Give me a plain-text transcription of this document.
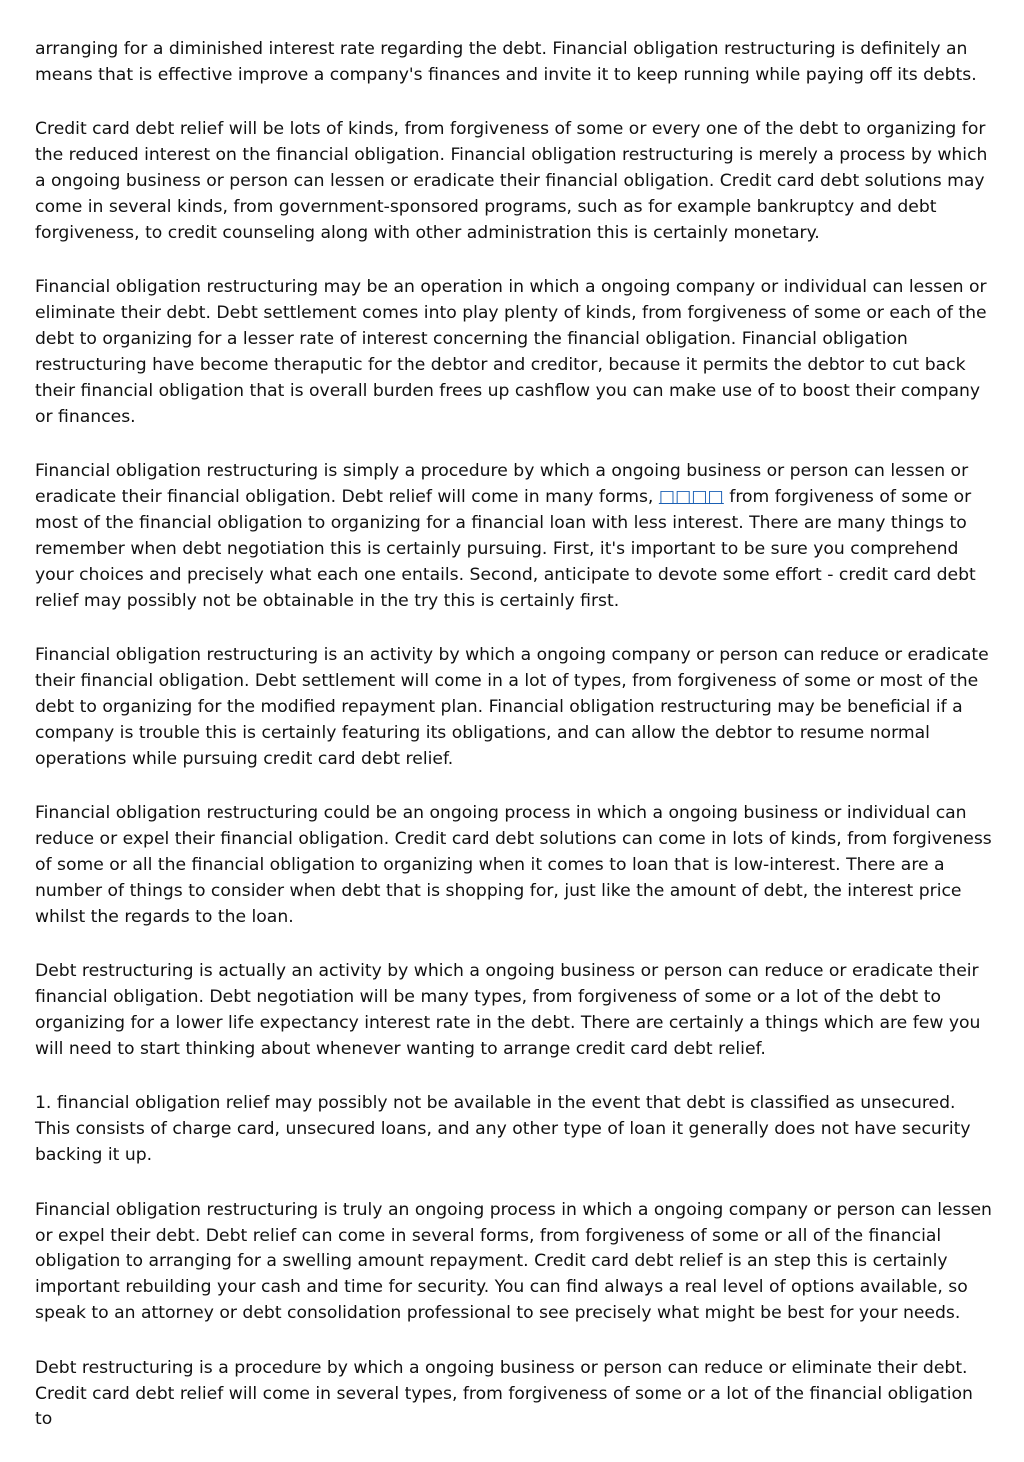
arranging for a diminished interest rate regarding the debt. Financial obligation restructuring is definitely an means that is effective improve a company's finances and invite it to keep running while paying off its debts.

Credit card debt relief will be lots of kinds, from forgiveness of some or every one of the debt to organizing for the reduced interest on the financial obligation. Financial obligation restructuring is merely a process by which a ongoing business or person can lessen or eradicate their financial obligation. Credit card debt solutions may come in several kinds, from government-sponsored programs, such as for example bankruptcy and debt forgiveness, to credit counseling along with other administration this is certainly monetary.

Financial obligation restructuring may be an operation in which a ongoing company or individual can lessen or eliminate their debt. Debt settlement comes into play plenty of kinds, from forgiveness of some or each of the debt to organizing for a lesser rate of interest concerning the financial obligation. Financial obligation restructuring have become theraputic for the debtor and creditor, because it permits the debtor to cut back their financial obligation that is overall burden frees up cashflow you can make use of to boost their company or finances.

Financial obligation restructuring is simply a procedure by which a ongoing business or person can lessen or eradicate their financial obligation. Debt relief will come in many forms, □□□□ from forgiveness of some or most of the financial obligation to organizing for a financial loan with less interest. There are many things to remember when debt negotiation this is certainly pursuing. First, it's important to be sure you comprehend your choices and precisely what each one entails. Second, anticipate to devote some effort - credit card debt relief may possibly not be obtainable in the try this is certainly first.

Financial obligation restructuring is an activity by which a ongoing company or person can reduce or eradicate their financial obligation. Debt settlement will come in a lot of types, from forgiveness of some or most of the debt to organizing for the modified repayment plan. Financial obligation restructuring may be beneficial if a company is trouble this is certainly featuring its obligations, and can allow the debtor to resume normal operations while pursuing credit card debt relief.

Financial obligation restructuring could be an ongoing process in which a ongoing business or individual can reduce or expel their financial obligation. Credit card debt solutions can come in lots of kinds, from forgiveness of some or all the financial obligation to organizing when it comes to loan that is low-interest. There are a number of things to consider when debt that is shopping for, just like the amount of debt, the interest price whilst the regards to the loan.

Debt restructuring is actually an activity by which a ongoing business or person can reduce or eradicate their financial obligation. Debt negotiation will be many types, from forgiveness of some or a lot of the debt to organizing for a lower life expectancy interest rate in the debt. There are certainly a things which are few you will need to start thinking about whenever wanting to arrange credit card debt relief.

1. financial obligation relief may possibly not be available in the event that debt is classified as unsecured. This consists of charge card, unsecured loans, and any other type of loan it generally does not have security backing it up.

Financial obligation restructuring is truly an ongoing process in which a ongoing company or person can lessen or expel their debt. Debt relief can come in several forms, from forgiveness of some or all of the financial obligation to arranging for a swelling amount repayment. Credit card debt relief is an step this is certainly important rebuilding your cash and time for security. You can find always a real level of options available, so speak to an attorney or debt consolidation professional to see precisely what might be best for your needs.

Debt restructuring is a procedure by which a ongoing business or person can reduce or eliminate their debt. Credit card debt relief will come in several types, from forgiveness of some or a lot of the financial obligation to
